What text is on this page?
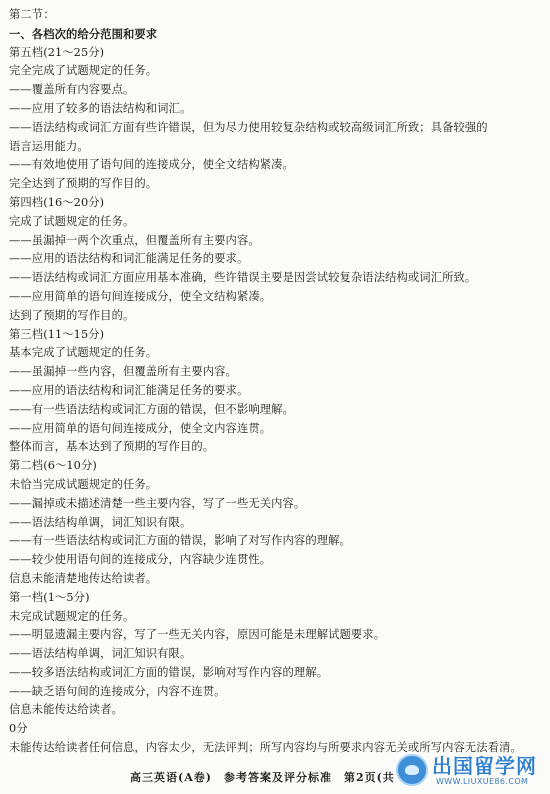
第二节：
一、各档次的给分范围和要求
第五档(21～25分)
完全完成了试题规定的任务。
——覆盖所有内容要点。
——应用了较多的语法结构和词汇。
——语法结构或词汇方面有些许错误，但为尽力使用较复杂结构或较高级词汇所致；具备较强的
语言运用能力。
——有效地使用了语句间的连接成分，使全文结构紧凑。
完全达到了预期的写作目的。
第四档(16～20分)
完成了试题规定的任务。
——虽漏掉一两个次重点，但覆盖所有主要内容。
——应用的语法结构和词汇能满足任务的要求。
——语法结构或词汇方面应用基本准确，些许错误主要是因尝试较复杂语法结构或词汇所致。
——应用简单的语句间连接成分，使全文结构紧凑。
达到了预期的写作目的。
第三档(11～15分)
基本完成了试题规定的任务。
——虽漏掉一些内容，但覆盖所有主要内容。
——应用的语法结构和词汇能满足任务的要求。
——有一些语法结构或词汇方面的错误，但不影响理解。
——应用简单的语句间连接成分，使全文内容连贯。
整体而言，基本达到了预期的写作目的。
第二档(6～10分)
未恰当完成试题规定的任务。
——漏掉或未描述清楚一些主要内容，写了一些无关内容。
——语法结构单调，词汇知识有限。
——有一些语法结构或词汇方面的错误，影响了对写作内容的理解。
——较少使用语句间的连接成分，内容缺少连贯性。
信息未能清楚地传达给读者。
第一档(1～5分)
未完成试题规定的任务。
——明显遗漏主要内容，写了一些无关内容，原因可能是未理解试题要求。
——语法结构单调，词汇知识有限。
——较多语法结构或词汇方面的错误，影响对写作内容的理解。
——缺乏语句间的连接成分，内容不连贯。
信息未能传达给读者。
0分
未能传达给读者任何信息，内容太少，无法评判；所写内容均与所要求内容无关或所写内容无法看清。
高三英语(A卷)　参考答案及评分标准　第2页(共 出国留学网
WWW.LIUXUE86.COM
